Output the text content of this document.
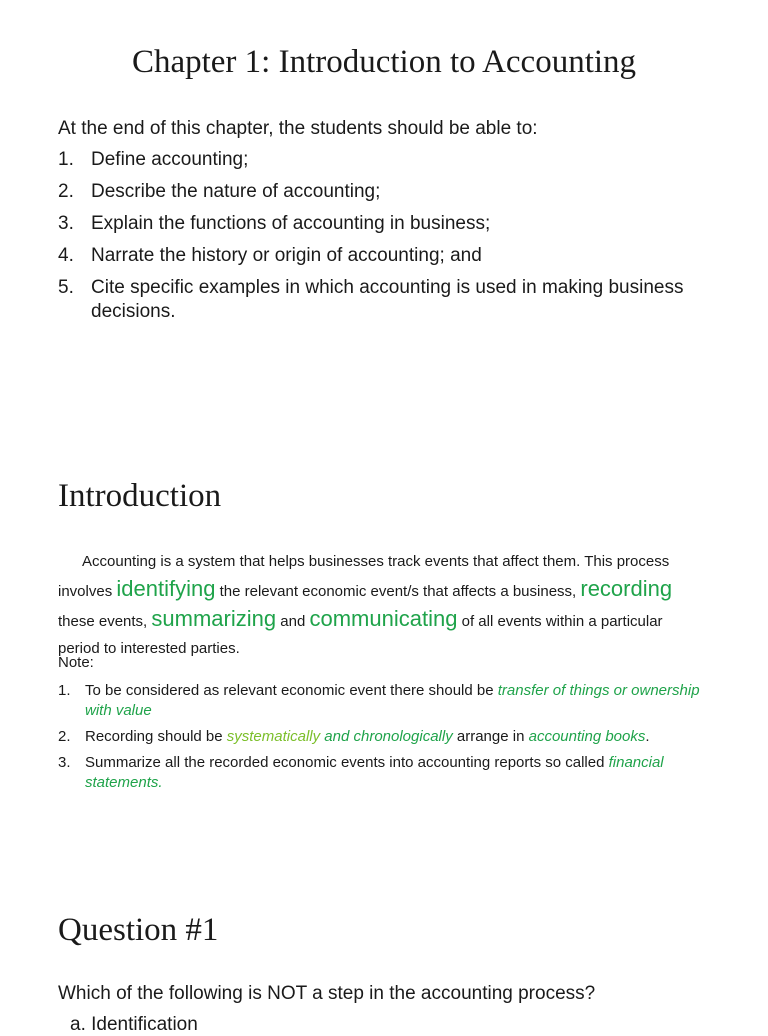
Chapter 1: Introduction to Accounting
At the end of this chapter, the students should be able to:
1. Define accounting;
2. Describe the nature of accounting;
3. Explain the functions of accounting in business;
4. Narrate the history or origin of accounting; and
5. Cite specific examples in which accounting is used in making business decisions.
Introduction
Accounting is a system that helps businesses track events that affect them. This process involves identifying the relevant economic event/s that affects a business, recording these events, summarizing and communicating of all events within a particular period to interested parties.
Note:
1. To be considered as relevant economic event there should be transfer of things or ownership with value
2. Recording should be systematically and chronologically arrange in accounting books.
3. Summarize all the recorded economic events into accounting reports so called financial statements.
Question #1
Which of the following is NOT a step in the accounting process?
a. Identification
